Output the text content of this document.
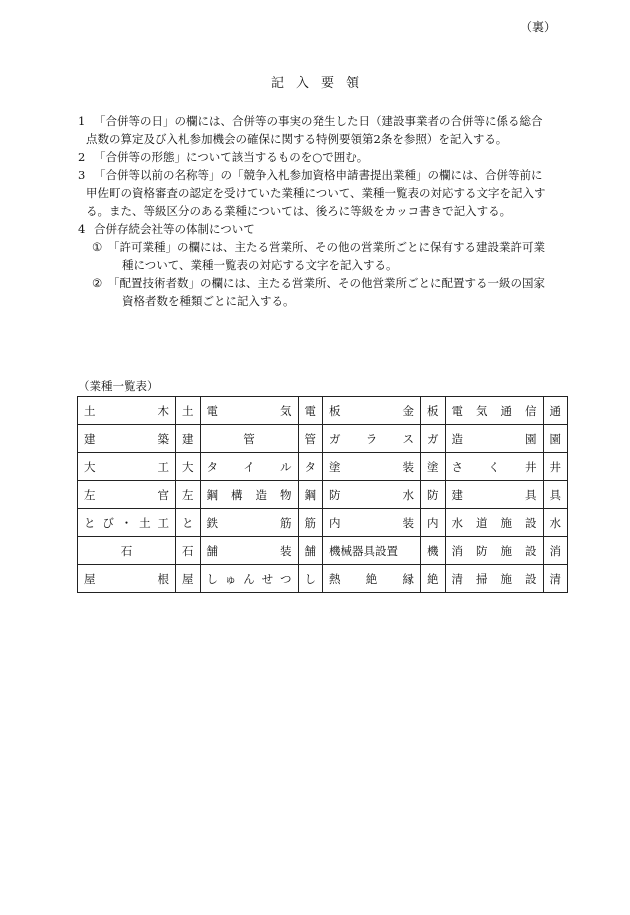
（裏）
記入要領
1 「合併等の日」の欄には、合併等の事実の発生した日（建設事業者の合併等に係る総合
点数の算定及び入札参加機会の確保に関する特例要領第2条を参照）を記入する。
2 「合併等の形態」について該当するものを○で囲む。
3 「合併等以前の名称等」の「競争入札参加資格申請書提出業種」の欄には、合併等前に
甲佐町の資格審査の認定を受けていた業種について、業種一覧表の対応する文字を記入す
る。また、等級区分のある業種については、後ろに等級をカッコ書きで記入する。
4 合併存続会社等の体制について
① 「許可業種」の欄には、主たる営業所、その他の営業所ごとに保有する建設業許可業
種について、業種一覧表の対応する文字を記入する。
② 「配置技術者数」の欄には、主たる営業所、その他営業所ごとに配置する一級の国家
資格者数を種類ごとに記入する。
（業種一覧表）
土 木	土	電 気	電	板 金	板	電 気 通 信	通

建 築	建	管	管	ガ ラ ス	ガ	造 園	園

大 工	大	タ イ ル	タ	塗 装	塗	さ く 井	井

左 官	左	鋼 構 造 物	鋼	防 水	防	建 具	具

と び ・ 土 工	と	鉄 筋	筋	内 装	内	水 道 施 設	水

石	石	舗 装	舗	機械器具設置	機	消 防 施 設	消

屋 根	屋	し ゅ ん せ つ	し	熱 絶 縁	絶	清 掃 施 設	清
